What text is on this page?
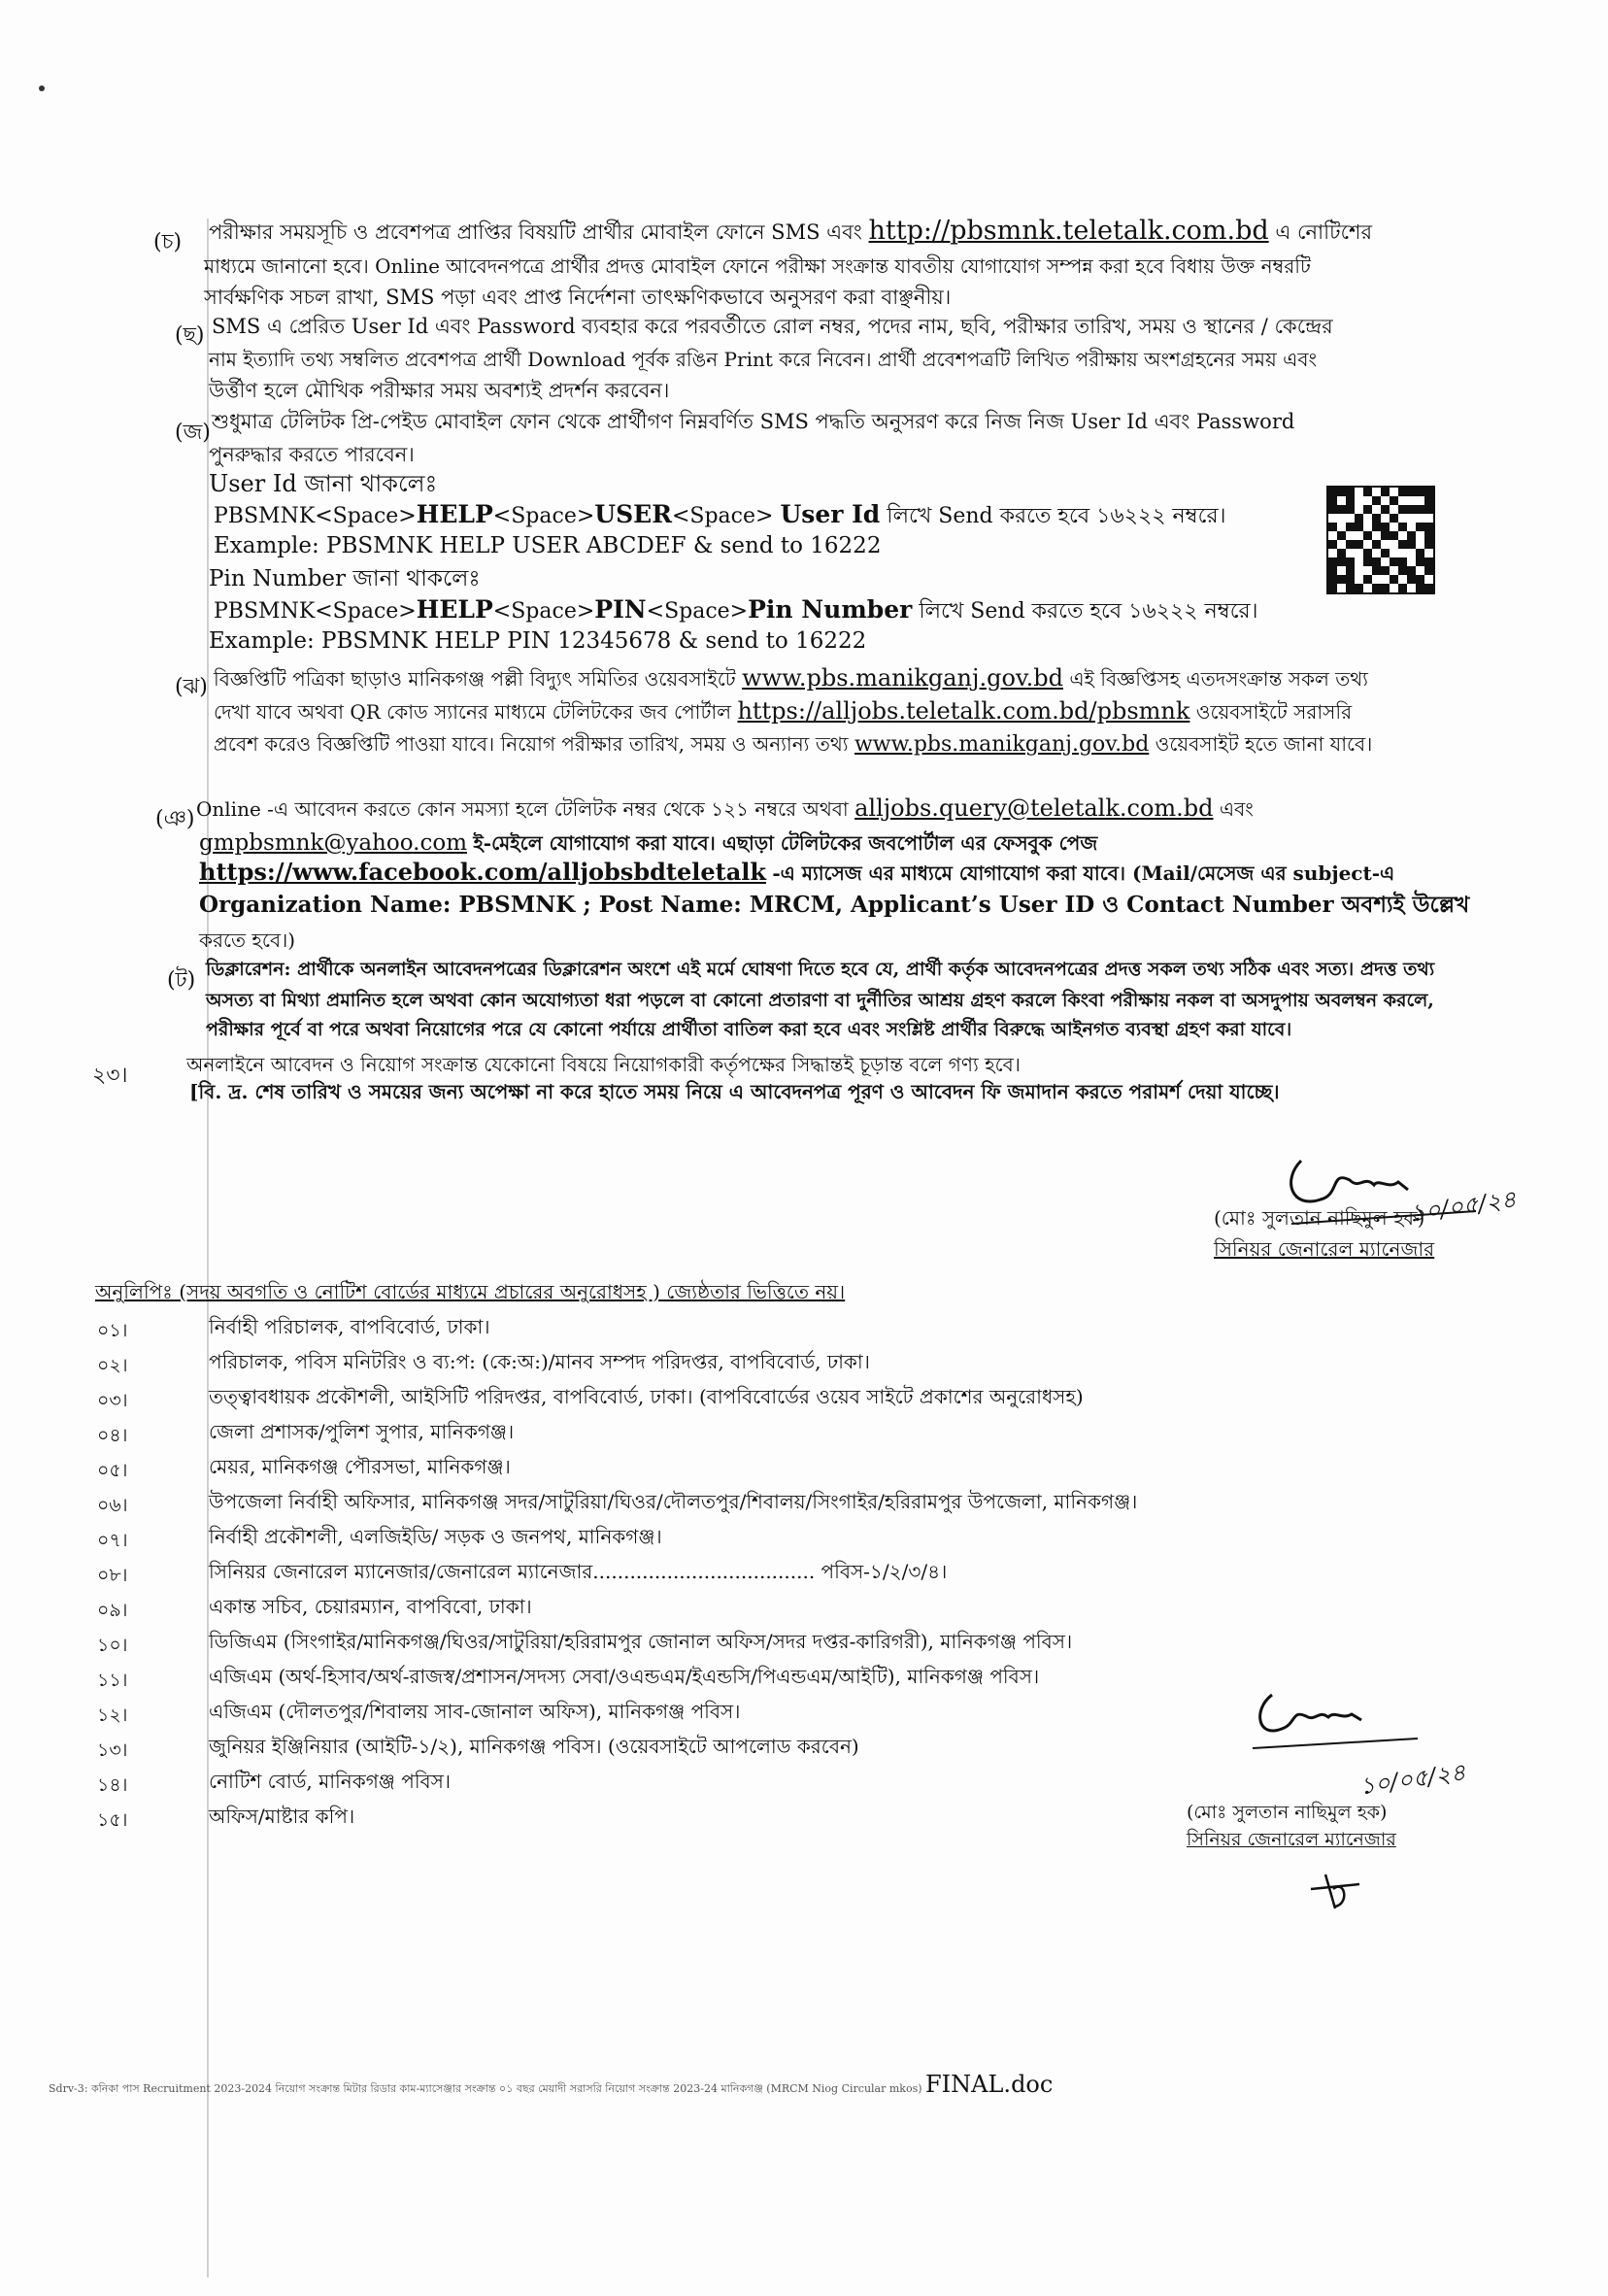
(চ) পরীক্ষার সময়সূচি ও প্রবেশপত্র প্রাপ্তির বিষয়টি প্রার্থীর মোবাইল ফোনে SMS এবং http://pbsmnk.teletalk.com.bd এ নোটিশের
মাধ্যমে জানানো হবে। Online আবেদনপত্রে প্রার্থীর প্রদত্ত মোবাইল ফোনে পরীক্ষা সংক্রান্ত যাবতীয় যোগাযোগ সম্পন্ন করা হবে বিধায় উক্ত নম্বরটি
সার্বক্ষণিক সচল রাখা, SMS পড়া এবং প্রাপ্ত নির্দেশনা তাৎক্ষণিকভাবে অনুসরণ করা বাঞ্ছনীয়।
(ছ) SMS এ প্রেরিত User Id এবং Password ব্যবহার করে পরবর্তীতে রোল নম্বর, পদের নাম, ছবি, পরীক্ষার তারিখ, সময় ও স্থানের / কেন্দ্রের
নাম ইত্যাদি তথ্য সম্বলিত প্রবেশপত্র প্রার্থী Download পূর্বক রঙিন Print করে নিবেন। প্রার্থী প্রবেশপত্রটি লিখিত পরীক্ষায় অংশগ্রহনের সময় এবং
উর্ত্তীণ হলে মৌখিক পরীক্ষার সময় অবশ্যই প্রদর্শন করবেন।
(জ) শুধুমাত্র টেলিটক প্রি-পেইড মোবাইল ফোন থেকে প্রার্থীগণ নিম্নবর্ণিত SMS পদ্ধতি অনুসরণ করে নিজ নিজ User Id এবং Password
পুনরুদ্ধার করতে পারবেন।
User Id জানা থাকলেঃ
PBSMNK<Space>HELP<Space>USER<Space> User Id লিখে Send করতে হবে ১৬২২২ নম্বরে।
Example: PBSMNK HELP USER ABCDEF & send to 16222
Pin Number জানা থাকলেঃ
PBSMNK<Space>HELP<Space>PIN<Space>Pin Number লিখে Send করতে হবে ১৬২২২ নম্বরে।
Example: PBSMNK HELP PIN 12345678 & send to 16222
(ঝ) বিজ্ঞপ্তিটি পত্রিকা ছাড়াও মানিকগঞ্জ পল্লী বিদ্যুৎ সমিতির ওয়েবসাইটে www.pbs.manikganj.gov.bd এই বিজ্ঞপ্তিসহ এতদসংক্রান্ত সকল তথ্য
দেখা যাবে অথবা QR কোড স্যানের মাধ্যমে টেলিটকের জব পোর্টাল https://alljobs.teletalk.com.bd/pbsmnk ওয়েবসাইটে সরাসরি
প্রবেশ করেও বিজ্ঞপ্তিটি পাওয়া যাবে। নিয়োগ পরীক্ষার তারিখ, সময় ও অন্যান্য তথ্য www.pbs.manikganj.gov.bd ওয়েবসাইট হতে জানা যাবে।
(ঞ) Online -এ আবেদন করতে কোন সমস্যা হলে টেলিটক নম্বর থেকে ১২১ নম্বরে অথবা alljobs.query@teletalk.com.bd এবং
gmpbsmnk@yahoo.com ই-মেইলে যোগাযোগ করা যাবে। এছাড়া টেলিটকের জবপোর্টাল এর ফেসবুক পেজ
https://www.facebook.com/alljobsbdteletalk -এ ম্যাসেজ এর মাধ্যমে যোগাযোগ করা যাবে। (Mail/মেসেজ এর subject-এ
Organization Name: PBSMNK ; Post Name: MRCM, Applicant’s User ID ও Contact Number অবশ্যই উল্লেখ
করতে হবে।)
(ট) ডিক্লারেশন: প্রার্থীকে অনলাইন আবেদনপত্রের ডিক্লারেশন অংশে এই মর্মে ঘোষণা দিতে হবে যে, প্রার্থী কর্তৃক আবেদনপত্রের প্রদত্ত সকল তথ্য সঠিক এবং সত্য। প্রদত্ত তথ্য
অসত্য বা মিথ্যা প্রমানিত হলে অথবা কোন অযোগ্যতা ধরা পড়লে বা কোনো প্রতারণা বা দুর্নীতির আশ্রয় গ্রহণ করলে কিংবা পরীক্ষায় নকল বা অসদুপায় অবলম্বন করলে,
পরীক্ষার পূর্বে বা পরে অথবা নিয়োগের পরে যে কোনো পর্যায়ে প্রার্থীতা বাতিল করা হবে এবং সংশ্লিষ্ট প্রার্থীর বিরুদ্ধে আইনগত ব্যবস্থা গ্রহণ করা যাবে।
২৩।	অনলাইনে আবেদন ও নিয়োগ সংক্রান্ত যেকোনো বিষয়ে নিয়োগকারী কর্তৃপক্ষের সিদ্ধান্তই চূড়ান্ত বলে গণ্য হবে।
[বি. দ্র. শেষ তারিখ ও সময়ের জন্য অপেক্ষা না করে হাতে সময় নিয়ে এ আবেদনপত্র পূরণ ও আবেদন ফি জমাদান করতে পরামর্শ দেয়া যাচ্ছে।
১০/০৫/২৪
(মোঃ সুলতান নাছিমুল হক)
সিনিয়র জেনারেল ম্যানেজার
অনুলিপিঃ (সদয় অবগতি ও নোটিশ বোর্ডের মাধ্যমে প্রচারের অনুরোধসহ ) জ্যেষ্ঠতার ভিত্তিতে নয়।
০১।	নির্বাহী পরিচালক, বাপবিবোর্ড, ঢাকা।
০২।	পরিচালক, পবিস মনিটরিং ও ব্য:প: (কে:অ:)/মানব সম্পদ পরিদপ্তর, বাপবিবোর্ড, ঢাকা।
০৩।	তত্ত্বাবধায়ক প্রকৌশলী, আইসিটি পরিদপ্তর, বাপবিবোর্ড, ঢাকা। (বাপবিবোর্ডের ওয়েব সাইটে প্রকাশের অনুরোধসহ)
০৪।	জেলা প্রশাসক/পুলিশ সুপার, মানিকগঞ্জ।
০৫।	মেয়র, মানিকগঞ্জ পৌরসভা, মানিকগঞ্জ।
০৬।	উপজেলা নির্বাহী অফিসার, মানিকগঞ্জ সদর/সাটুরিয়া/ঘিওর/দৌলতপুর/শিবালয়/সিংগাইর/হরিরামপুর উপজেলা, মানিকগঞ্জ।
০৭।	নির্বাহী প্রকৌশলী, এলজিইডি/ সড়ক ও জনপথ, মানিকগঞ্জ।
০৮।	সিনিয়র জেনারেল ম্যানেজার/জেনারেল ম্যানেজার.................................... পবিস-১/২/৩/৪।
০৯।	একান্ত সচিব, চেয়ারম্যান, বাপবিবো, ঢাকা।
১০।	ডিজিএম (সিংগাইর/মানিকগঞ্জ/ঘিওর/সাটুরিয়া/হরিরামপুর জোনাল অফিস/সদর দপ্তর-কারিগরী), মানিকগঞ্জ পবিস।
১১।	এজিএম (অর্থ-হিসাব/অর্থ-রাজস্ব/প্রশাসন/সদস্য সেবা/ওএন্ডএম/ইএন্ডসি/পিএন্ডএম/আইটি), মানিকগঞ্জ পবিস।
১২।	এজিএম (দৌলতপুর/শিবালয় সাব-জোনাল অফিস), মানিকগঞ্জ পবিস।
১৩।	জুনিয়র ইঞ্জিনিয়ার (আইটি-১/২), মানিকগঞ্জ পবিস। (ওয়েবসাইটে আপলোড করবেন)
১৪।	নোটিশ বোর্ড, মানিকগঞ্জ পবিস।
১৫।	অফিস/মাষ্টার কপি।
১০/০৫/২৪
(মোঃ সুলতান নাছিমুল হক)
সিনিয়র জেনারেল ম্যানেজার
Sdrv-3: কনিকা পাস Recruitment 2023-2024 নিয়োগ সংক্রান্ত মিটার রিডার কাম-ম্যাসেঞ্জার সংক্রান্ত ০১ বছর মেয়াদী সরাসরি নিয়োগ সংক্রান্ত 2023-24 মানিকগঞ্জ (MRCM Niog Circular mkos) FINAL.doc
